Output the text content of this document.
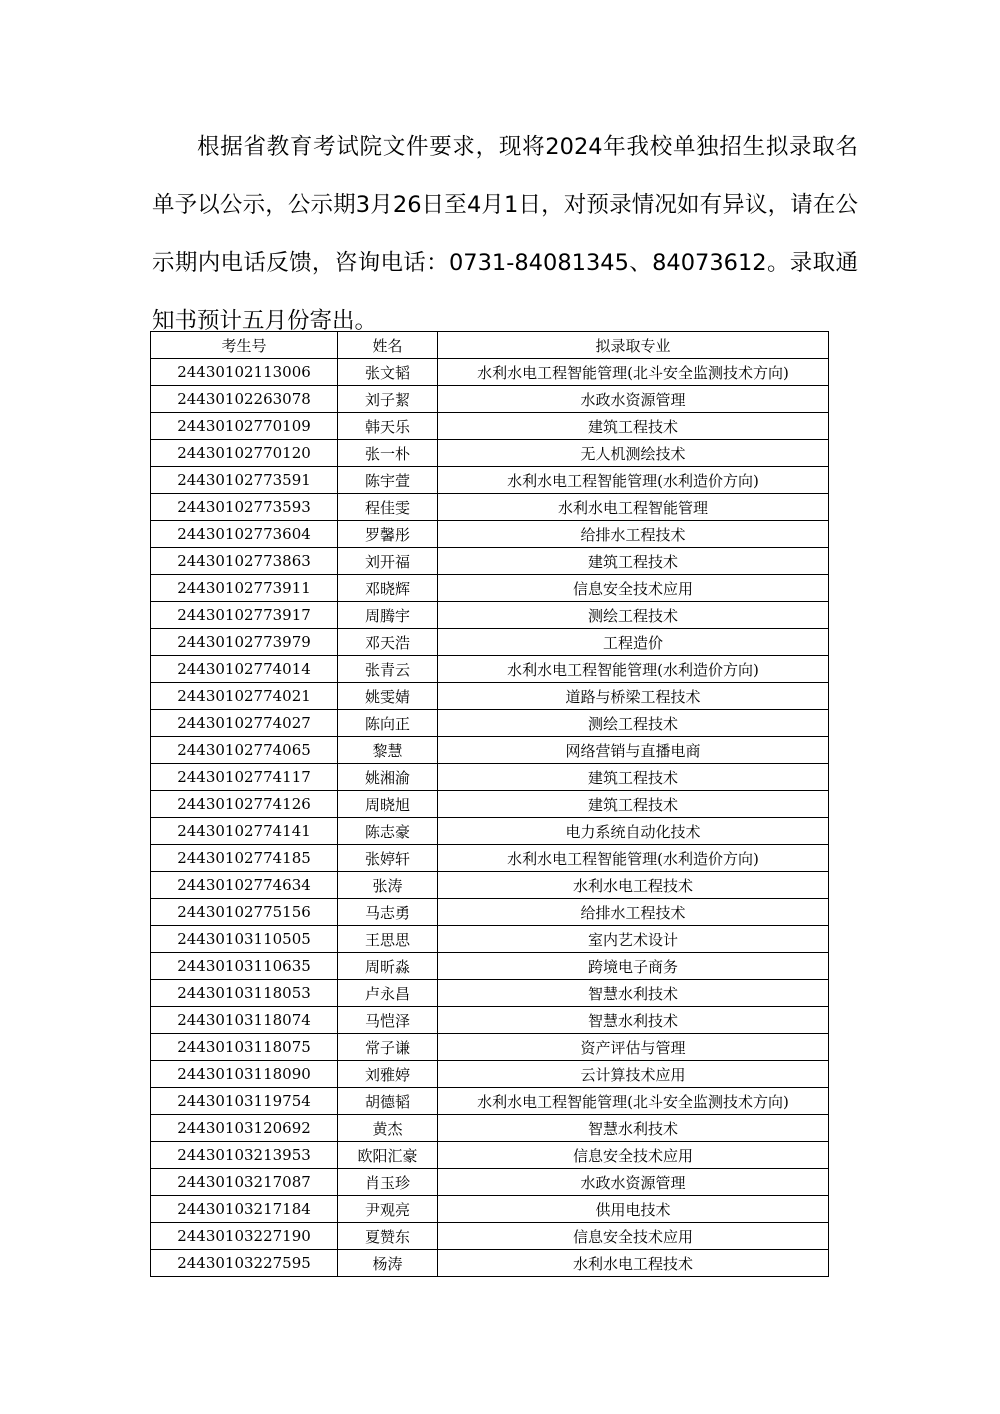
根据省教育考试院文件要求，现将2024年我校单独招生拟录取名单予以公示，公示期3月26日至4月1日，对预录情况如有异议，请在公示期内电话反馈，咨询电话：0731-84081345、84073612。录取通知书预计五月份寄出。

考生号	姓名	拟录取专业
24430102113006	张文韬	水利水电工程智能管理(北斗安全监测技术方向)
24430102263078	刘子絜	水政水资源管理
24430102770109	韩天乐	建筑工程技术
24430102770120	张一朴	无人机测绘技术
24430102773591	陈宇萱	水利水电工程智能管理(水利造价方向)
24430102773593	程佳雯	水利水电工程智能管理
24430102773604	罗馨彤	给排水工程技术
24430102773863	刘开福	建筑工程技术
24430102773911	邓晓辉	信息安全技术应用
24430102773917	周腾宇	测绘工程技术
24430102773979	邓天浩	工程造价
24430102774014	张青云	水利水电工程智能管理(水利造价方向)
24430102774021	姚雯婧	道路与桥梁工程技术
24430102774027	陈向正	测绘工程技术
24430102774065	黎慧	网络营销与直播电商
24430102774117	姚湘渝	建筑工程技术
24430102774126	周晓旭	建筑工程技术
24430102774141	陈志豪	电力系统自动化技术
24430102774185	张婷轩	水利水电工程智能管理(水利造价方向)
24430102774634	张涛	水利水电工程技术
24430102775156	马志勇	给排水工程技术
24430103110505	王思思	室内艺术设计
24430103110635	周昕淼	跨境电子商务
24430103118053	卢永昌	智慧水利技术
24430103118074	马恺泽	智慧水利技术
24430103118075	常子谦	资产评估与管理
24430103118090	刘雅婷	云计算技术应用
24430103119754	胡德韬	水利水电工程智能管理(北斗安全监测技术方向)
24430103120692	黄杰	智慧水利技术
24430103213953	欧阳汇豪	信息安全技术应用
24430103217087	肖玉珍	水政水资源管理
24430103217184	尹观亮	供用电技术
24430103227190	夏赞东	信息安全技术应用
24430103227595	杨涛	水利水电工程技术
